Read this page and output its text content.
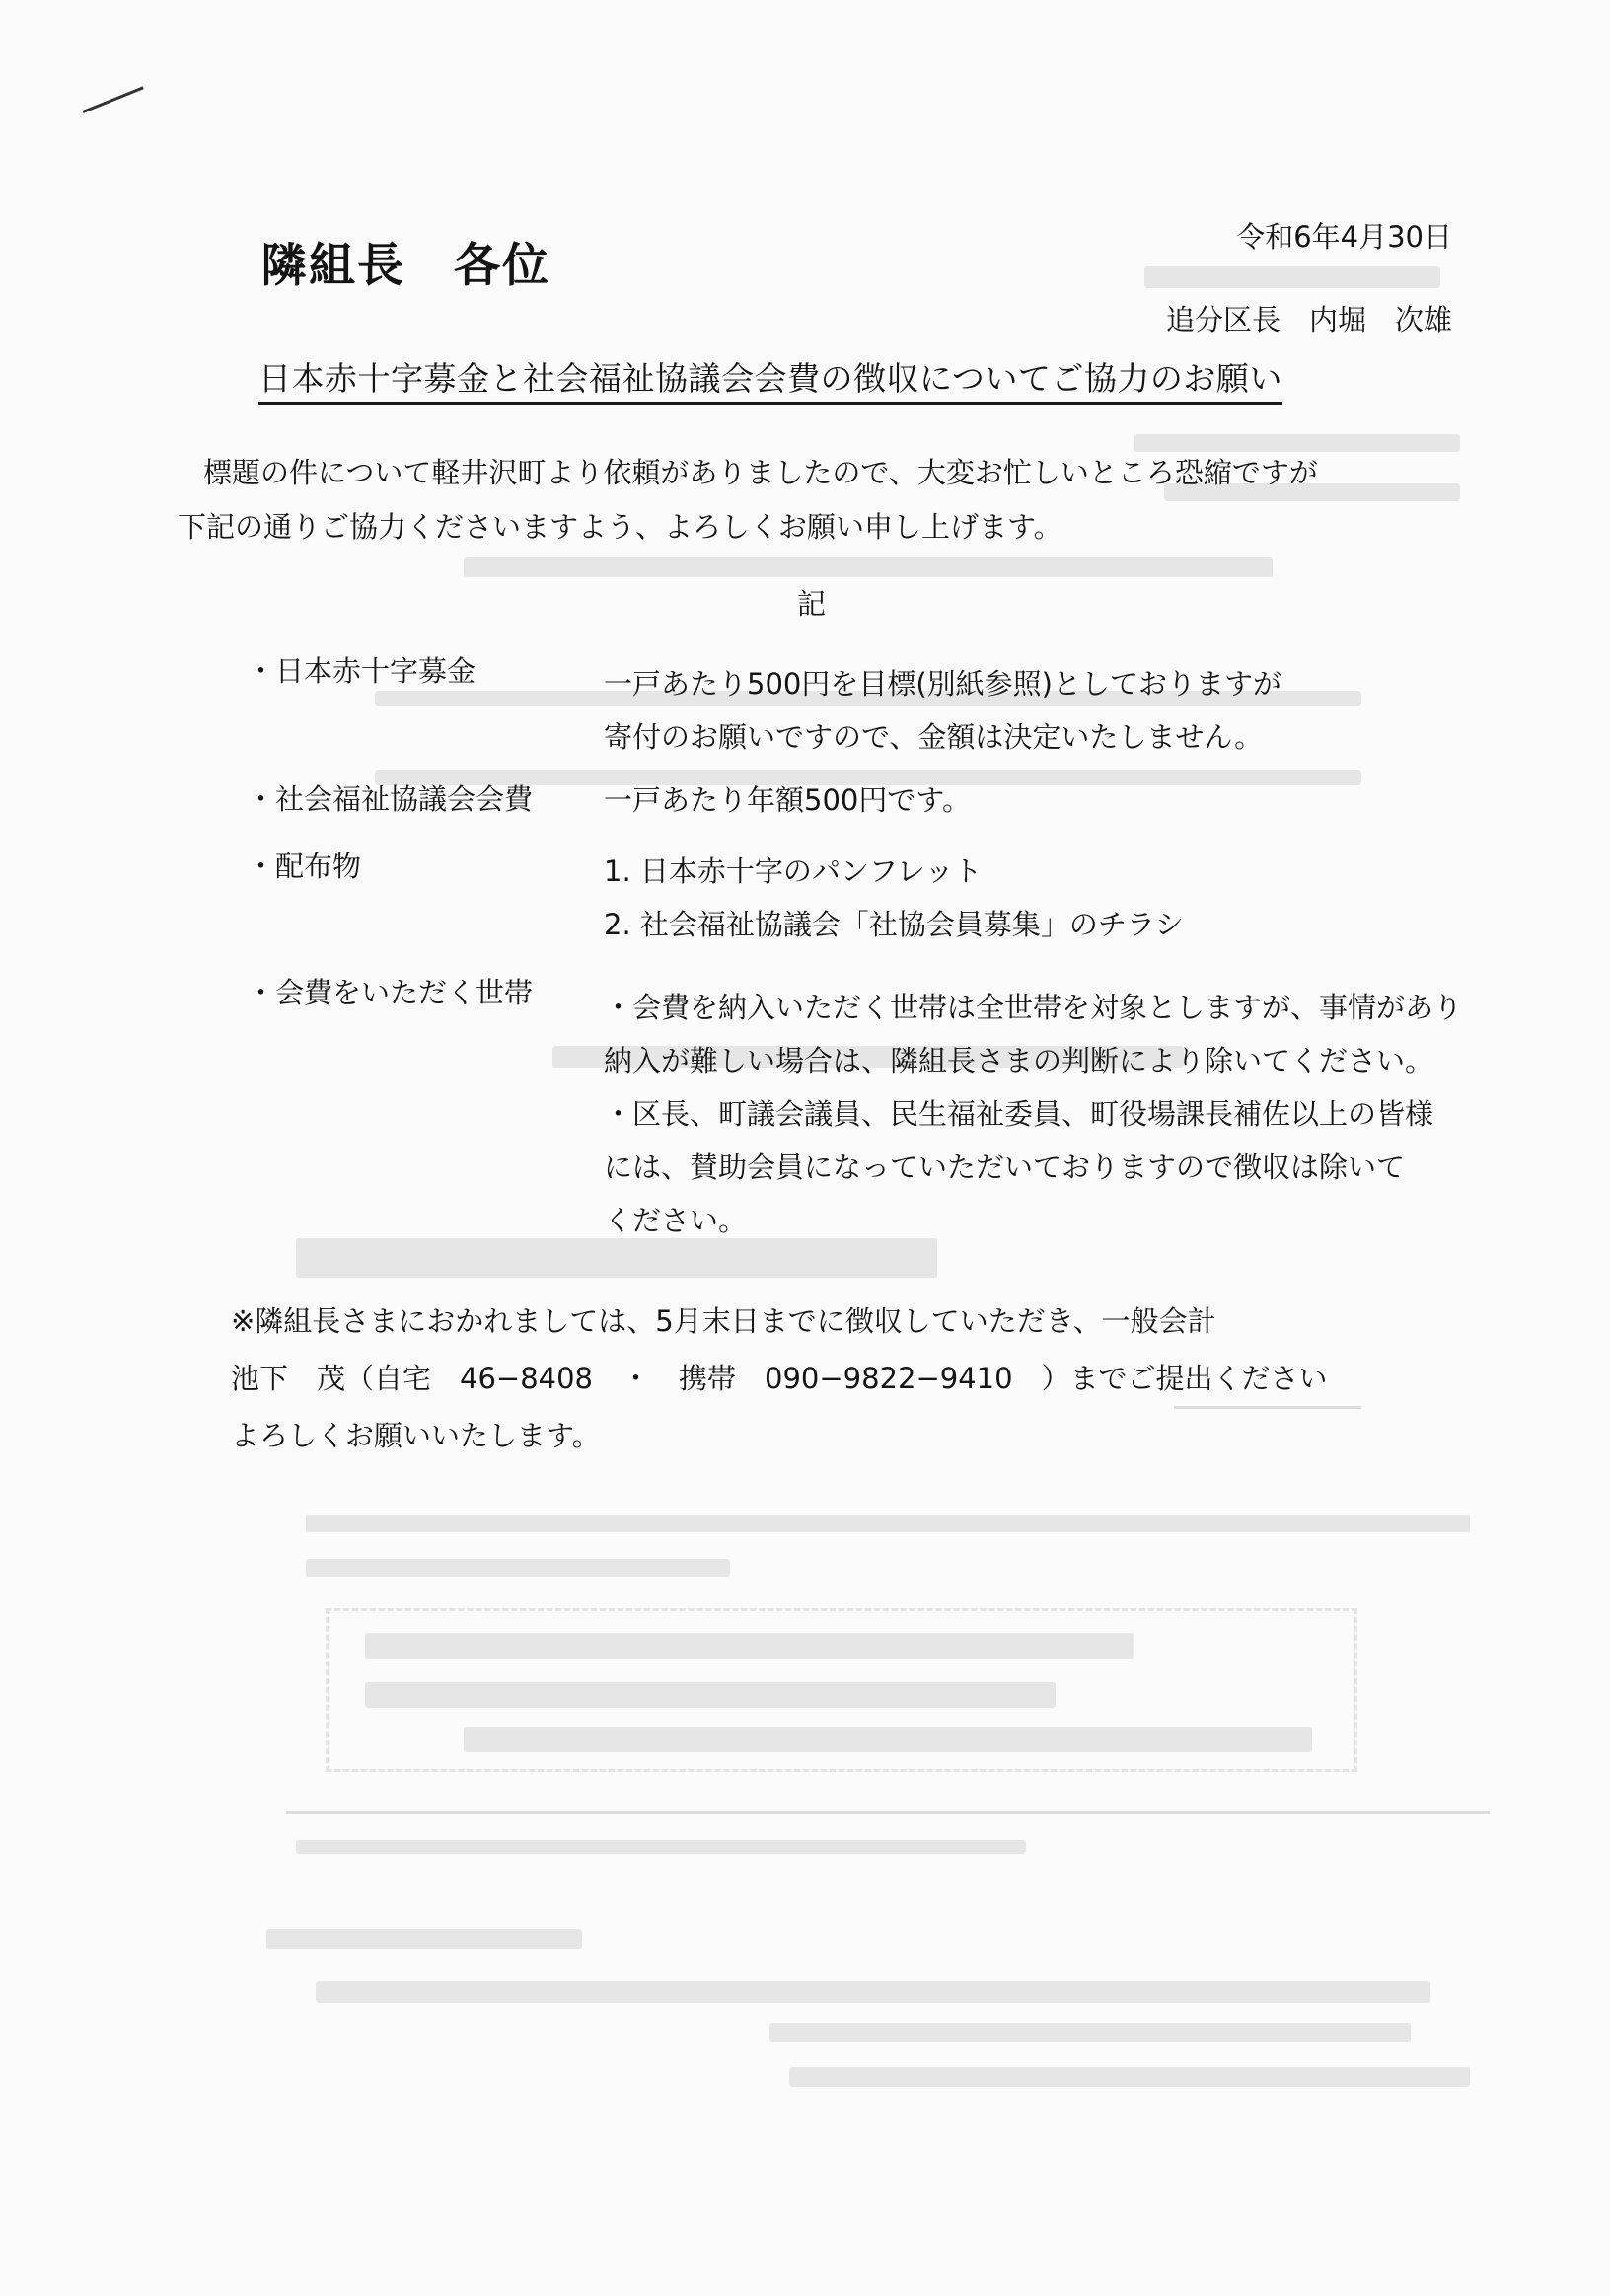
隣組長　各位
令和6年4月30日
追分区長　内堀　次雄
日本赤十字募金と社会福祉協議会会費の徴収についてご協力のお願い
標題の件について軽井沢町より依頼がありましたので、大変お忙しいところ恐縮ですが
下記の通りご協力くださいますよう、よろしくお願い申し上げます。
記
・日本赤十字募金	一戸あたり500円を目標(別紙参照)としておりますが
寄付のお願いですので、金額は決定いたしません。
・社会福祉協議会会費 一戸あたり年額500円です。
・配布物	1. 日本赤十字のパンフレット
2. 社会福祉協議会「社協会員募集」のチラシ
・会費をいただく世帯 ・会費を納入いただく世帯は全世帯を対象としますが、事情があり
納入が難しい場合は、隣組長さまの判断により除いてください。
・区長、町議会議員、民生福祉委員、町役場課長補佐以上の皆様
には、賛助会員になっていただいておりますので徴収は除いて
ください。
※隣組長さまにおかれましては、5月末日までに徴収していただき、一般会計
池下　茂（自宅　46−8408　・　携帯　090−9822−9410　）までご提出ください
よろしくお願いいたします。
